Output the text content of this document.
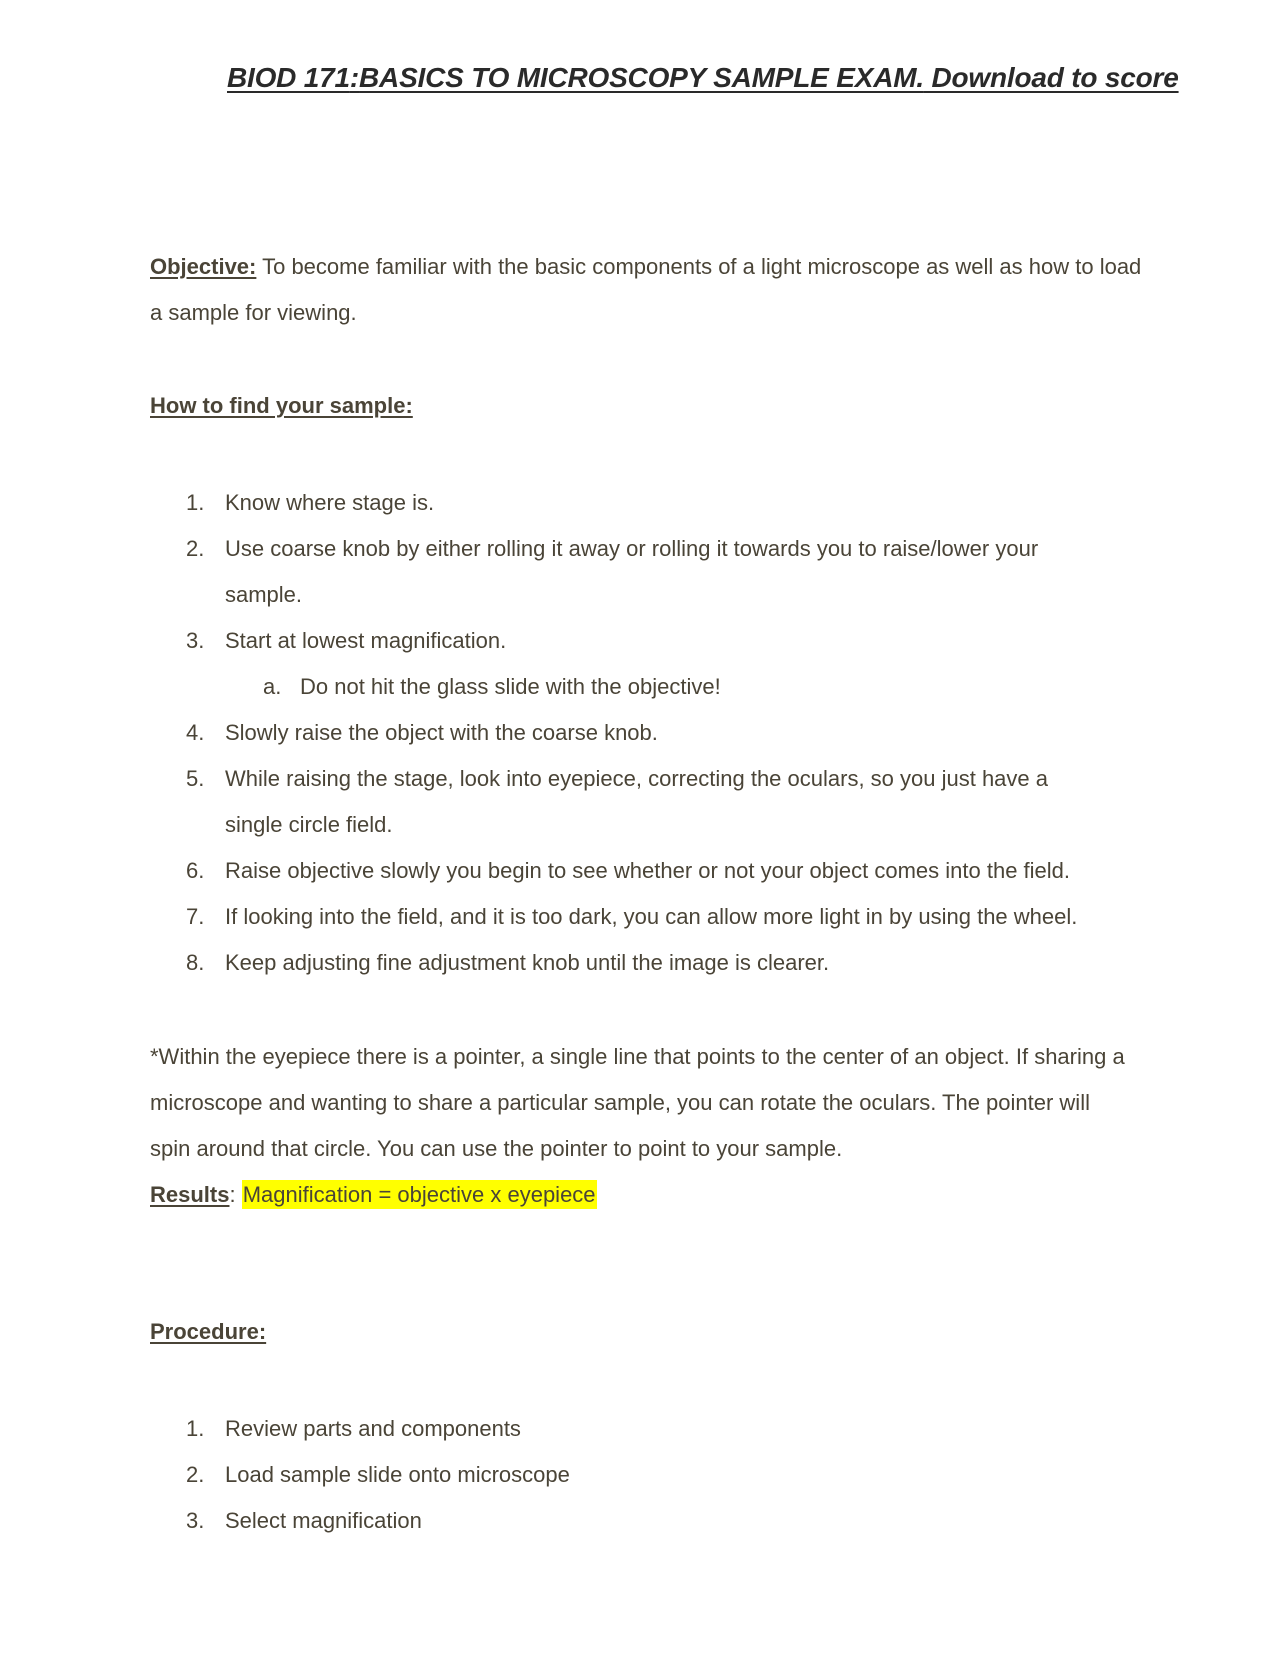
BIOD 171:BASICS TO MICROSCOPY SAMPLE EXAM. Download to score

Objective: To become familiar with the basic components of a light microscope as well as how to load a sample for viewing.

How to find your sample:
1. Know where stage is.
2. Use coarse knob by either rolling it away or rolling it towards you to raise/lower your sample.
3. Start at lowest magnification.
a. Do not hit the glass slide with the objective!
4. Slowly raise the object with the coarse knob.
5. While raising the stage, look into eyepiece, correcting the oculars, so you just have a single circle field.
6. Raise objective slowly you begin to see whether or not your object comes into the field.
7. If looking into the field, and it is too dark, you can allow more light in by using the wheel.
8. Keep adjusting fine adjustment knob until the image is clearer.

*Within the eyepiece there is a pointer, a single line that points to the center of an object. If sharing a microscope and wanting to share a particular sample, you can rotate the oculars. The pointer will spin around that circle. You can use the pointer to point to your sample.

Results: Magnification = objective x eyepiece

Procedure:
1. Review parts and components
2. Load sample slide onto microscope
3. Select magnification
